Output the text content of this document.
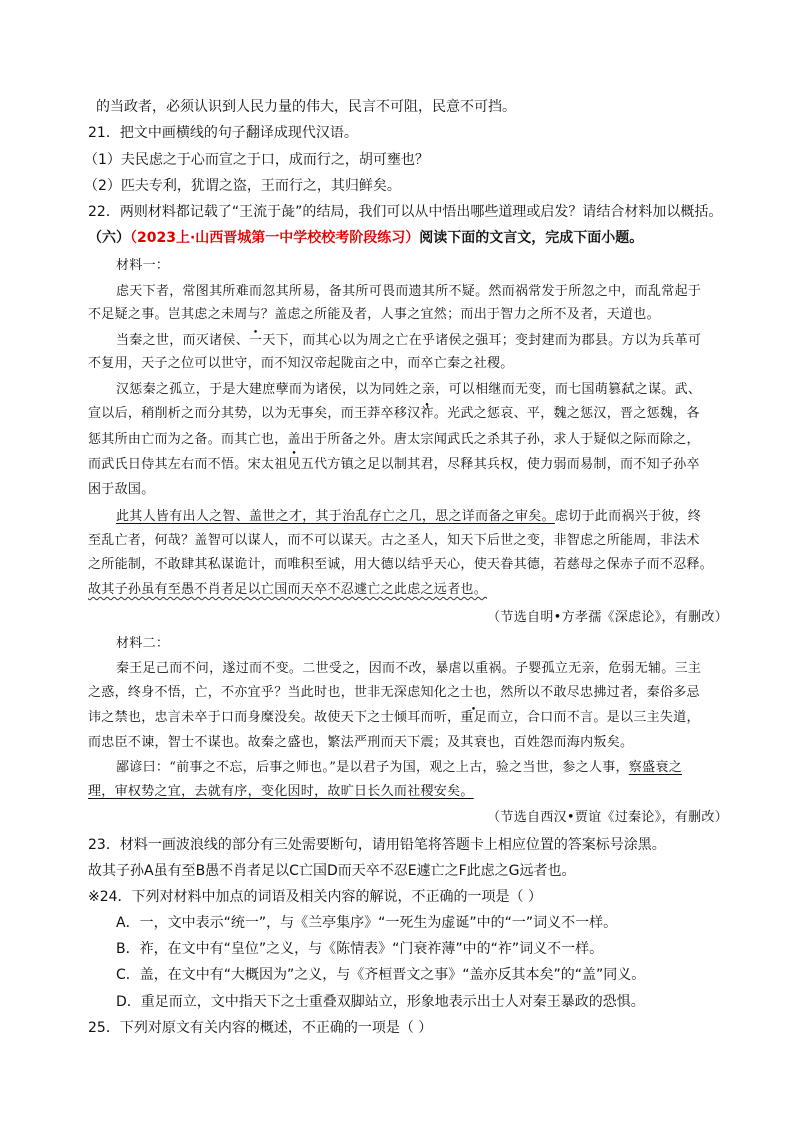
的当政者，必须认识到人民力量的伟大，民言不可阻，民意不可挡。
21．把文中画横线的句子翻译成现代汉语。
（1）夫民虑之于心而宣之于口，成而行之，胡可壅也？
（2）匹夫专利，犹谓之盗，王而行之，其归鲜矣。
22．两则材料都记载了“王流于彘”的结局，我们可以从中悟出哪些道理或启发？请结合材料加以概括。
（六）（2023上·山西晋城第一中学校校考阶段练习）阅读下面的文言文，完成下面小题。
材料一：
虑天下者，常图其所难而忽其所易，备其所可畏而遗其所不疑。然而祸常发于所忽之中，而乱常起于
不足疑之事。岂其虑之未周与？盖虑之所能及者，人事之宜然；而出于智力之所不及者，天道也。
当秦之世，而灭诸侯、一天下，而其心以为周之亡在乎诸侯之强耳；变封建而为郡县。方以为兵革可
不复用，天子之位可以世守，而不知汉帝起陇亩之中，而卒亡秦之社稷。
汉惩秦之孤立，于是大建庶孽而为诸侯，以为同姓之亲，可以相继而无变，而七国萌篡弑之谋。武、
宣以后，稍削析之而分其势，以为无事矣，而王莽卒移汉祚。光武之惩哀、平，魏之惩汉，晋之惩魏，各
惩其所由亡而为之备。而其亡也，盖出于所备之外。唐太宗闻武氏之杀其子孙，求人于疑似之际而除之，
而武氏日侍其左右而不悟。宋太祖见五代方镇之足以制其君，尽释其兵权，使力弱而易制，而不知子孙卒
困于敌国。
此其人皆有出人之智、盖世之才，其于治乱存亡之几，思之详而备之审矣。虑切于此而祸兴于彼，终
至乱亡者，何哉？盖智可以谋人，而不可以谋天。古之圣人，知天下后世之变，非智虑之所能周，非法术
之所能制，不敢肆其私谋诡计，而唯积至诚，用大德以结乎天心，使天眷其德，若慈母之保赤子而不忍释。
故其子孙虽有至愚不肖者足以亡国而天卒不忍遽亡之此虑之远者也。
（节选自明•方孝孺《深虑论》，有删改）
材料二：
秦王足己而不问，遂过而不变。二世受之，因而不改，暴虐以重祸。子婴孤立无亲，危弱无辅。三主
之惑，终身不悟，亡，不亦宜乎？当此时也，世非无深虑知化之士也，然所以不敢尽忠拂过者，秦俗多忌
讳之禁也，忠言未卒于口而身糜没矣。故使天下之士倾耳而听，重足而立，合口而不言。是以三主失道，
而忠臣不谏，智士不谋也。故秦之盛也，繁法严刑而天下震；及其衰也，百姓怨而海内叛矣。
鄙谚曰：“前事之不忘，后事之师也。”是以君子为国，观之上古，验之当世，参之人事，察盛衰之
理，审权势之宜，去就有序，变化因时，故旷日长久而社稷安矣。
（节选自西汉•贾谊《过秦论》，有删改）
23．材料一画波浪线的部分有三处需要断句，请用铅笔将答题卡上相应位置的答案标号涂黑。
故其子孙A虽有至B愚不肖者足以C亡国D而天卒不忍E遽亡之F此虑之G远者也。
※24．下列对材料中加点的词语及相关内容的解说，不正确的一项是（ ）
A．一，文中表示“统一”，与《兰亭集序》“一死生为虚诞”中的“一”词义不一样。
B．祚，在文中有“皇位”之义，与《陈情表》“门衰祚薄”中的“祚”词义不一样。
C．盖，在文中有“大概因为”之义，与《齐桓晋文之事》“盖亦反其本矣”的“盖”同义。
D．重足而立，文中指天下之士重叠双脚站立，形象地表示出士人对秦王暴政的恐惧。
25．下列对原文有关内容的概述，不正确的一项是（ ）
